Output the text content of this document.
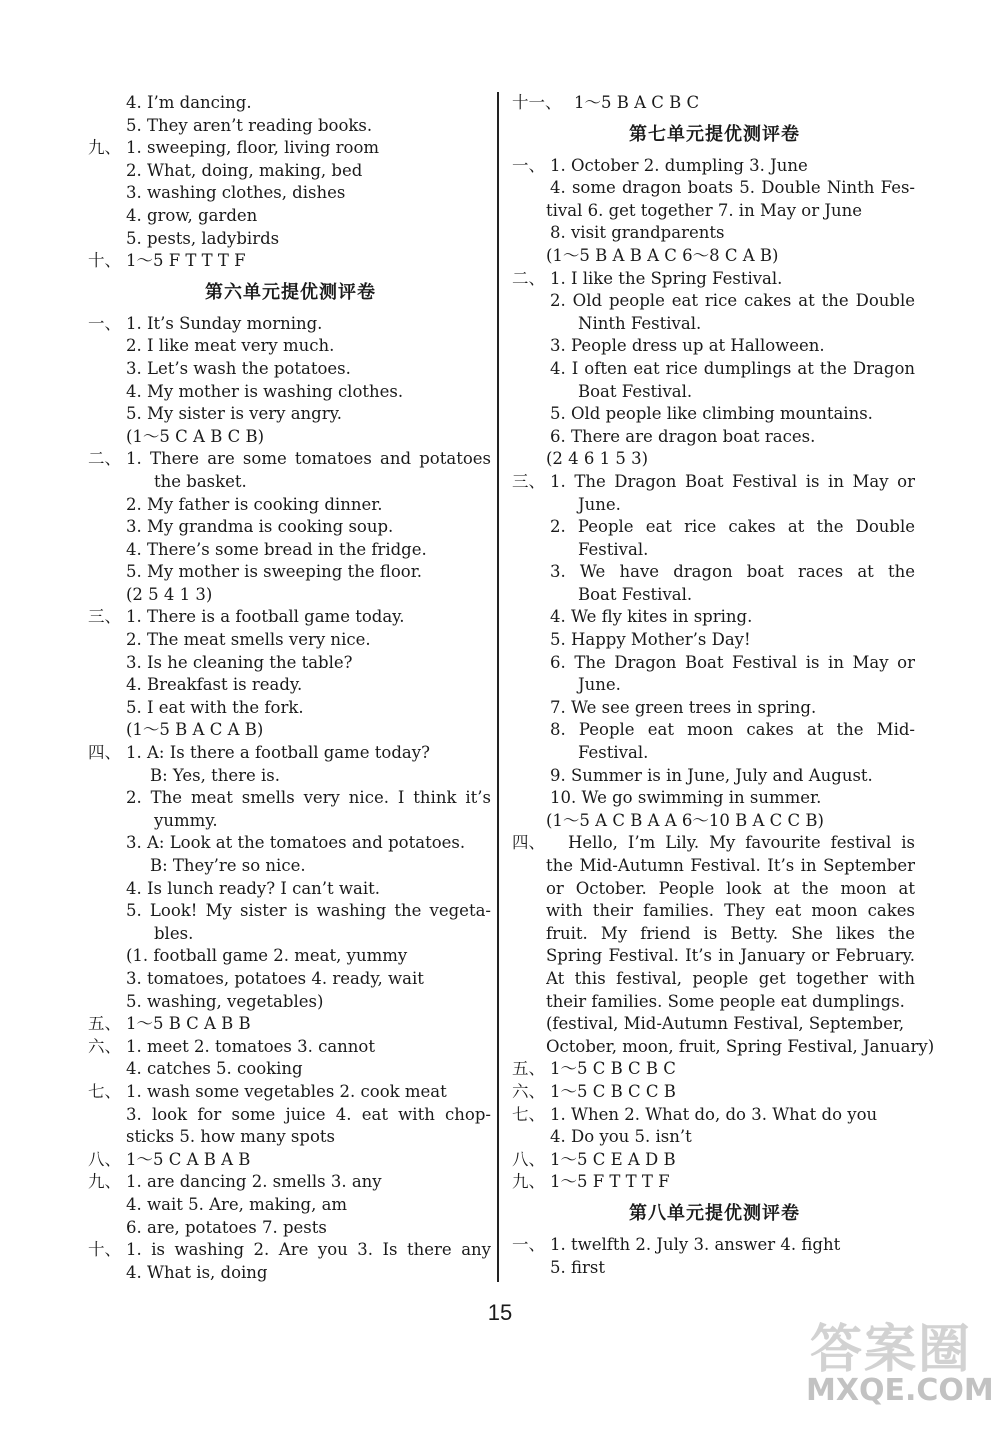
4. I’m dancing.
5. They aren’t reading books.
九、 1. sweeping, floor, living room
2. What, doing, making, bed
3. washing clothes, dishes
4. grow, garden
5. pests, ladybirds
十、 1～5 F T T T F
第六单元提优测评卷
一、 1. It’s Sunday morning.
2. I like meat very much.
3. Let’s wash the potatoes.
4. My mother is washing clothes.
5. My sister is very angry.
(1～5 C A B C B)
二、 1. There are some tomatoes and potatoes
the basket.
2. My father is cooking dinner.
3. My grandma is cooking soup.
4. There’s some bread in the fridge.
5. My mother is sweeping the floor.
(2 5 4 1 3)
三、 1. There is a football game today.
2. The meat smells very nice.
3. Is he cleaning the table?
4. Breakfast is ready.
5. I eat with the fork.
(1～5 B A C A B)
四、 1. A: Is there a football game today?
B: Yes, there is.
2. The meat smells very nice. I think it’s
yummy.
3. A: Look at the tomatoes and potatoes.
B: They’re so nice.
4. Is lunch ready? I can’t wait.
5. Look! My sister is washing the vegeta-
bles.
(1. football game 2. meat, yummy
3. tomatoes, potatoes 4. ready, wait
5. washing, vegetables)
五、 1～5 B C A B B
六、 1. meet 2. tomatoes 3. cannot
4. catches 5. cooking
七、 1. wash some vegetables 2. cook meat
3. look for some juice 4. eat with chop-
sticks 5. how many spots
八、 1～5 C A B A B
九、 1. are dancing 2. smells 3. any
4. wait 5. Are, making, am
6. are, potatoes 7. pests
十、 1. is washing 2. Are you 3. Is there any
4. What is, doing
十一、 1～5 B A C B C
第七单元提优测评卷
一、 1. October 2. dumpling 3. June
4. some dragon boats 5. Double Ninth Fes-
tival 6. get together 7. in May or June
8. visit grandparents
(1～5 B A B A C 6～8 C A B)
二、 1. I like the Spring Festival.
2. Old people eat rice cakes at the Double
Ninth Festival.
3. People dress up at Halloween.
4. I often eat rice dumplings at the Dragon
Boat Festival.
5. Old people like climbing mountains.
6. There are dragon boat races.
(2 4 6 1 5 3)
三、 1. The Dragon Boat Festival is in May or
June.
2. People eat rice cakes at the Double
Festival.
3. We have dragon boat races at the
Boat Festival.
4. We fly kites in spring.
5. Happy Mother’s Day!
6. The Dragon Boat Festival is in May or
June.
7. We see green trees in spring.
8. People eat moon cakes at the Mid-
Festival.
9. Summer is in June, July and August.
10. We go swimming in summer.
(1～5 A C B A A 6～10 B A C C B)
四、 Hello, I’m Lily. My favourite festival is
the Mid-Autumn Festival. It’s in September
or October. People look at the moon at
with their families. They eat moon cakes
fruit. My friend is Betty. She likes the
Spring Festival. It’s in January or February.
At this festival, people get together with
their families. Some people eat dumplings.
(festival, Mid-Autumn Festival, September,
October, moon, fruit, Spring Festival, January)
五、 1～5 C B C B C
六、 1～5 C B C C B
七、 1. When 2. What do, do 3. What do you
4. Do you 5. isn’t
八、 1～5 C E A D B
九、 1～5 F T T T F
第八单元提优测评卷
一、 1. twelfth 2. July 3. answer 4. fight
5. first
15
答案圈
MXQE.COM
